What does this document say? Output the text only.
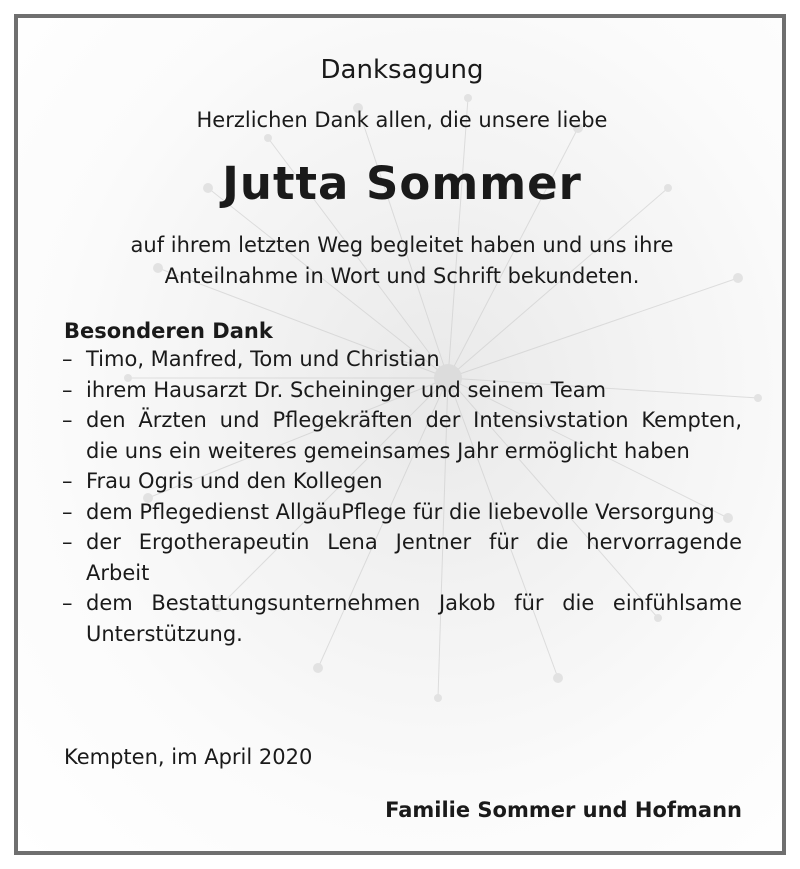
Danksagung
Herzlichen Dank allen, die unsere liebe
Jutta Sommer
auf ihrem letzten Weg begleitet haben und uns ihre
Anteilnahme in Wort und Schrift bekundeten.
Besonderen Dank
– Timo, Manfred, Tom und Christian
– ihrem Hausarzt Dr. Scheininger und seinem Team
– den Ärzten und Pflegekräften der Intensivstation Kempten, die uns ein weiteres gemeinsames Jahr ermöglicht haben
– Frau Ogris und den Kollegen
– dem Pflegedienst AllgäuPflege für die liebevolle Versorgung
– der Ergotherapeutin Lena Jentner für die hervorragende Arbeit
– dem Bestattungsunternehmen Jakob für die einfühlsame Unterstützung.
Kempten, im April 2020
Familie Sommer und Hofmann
